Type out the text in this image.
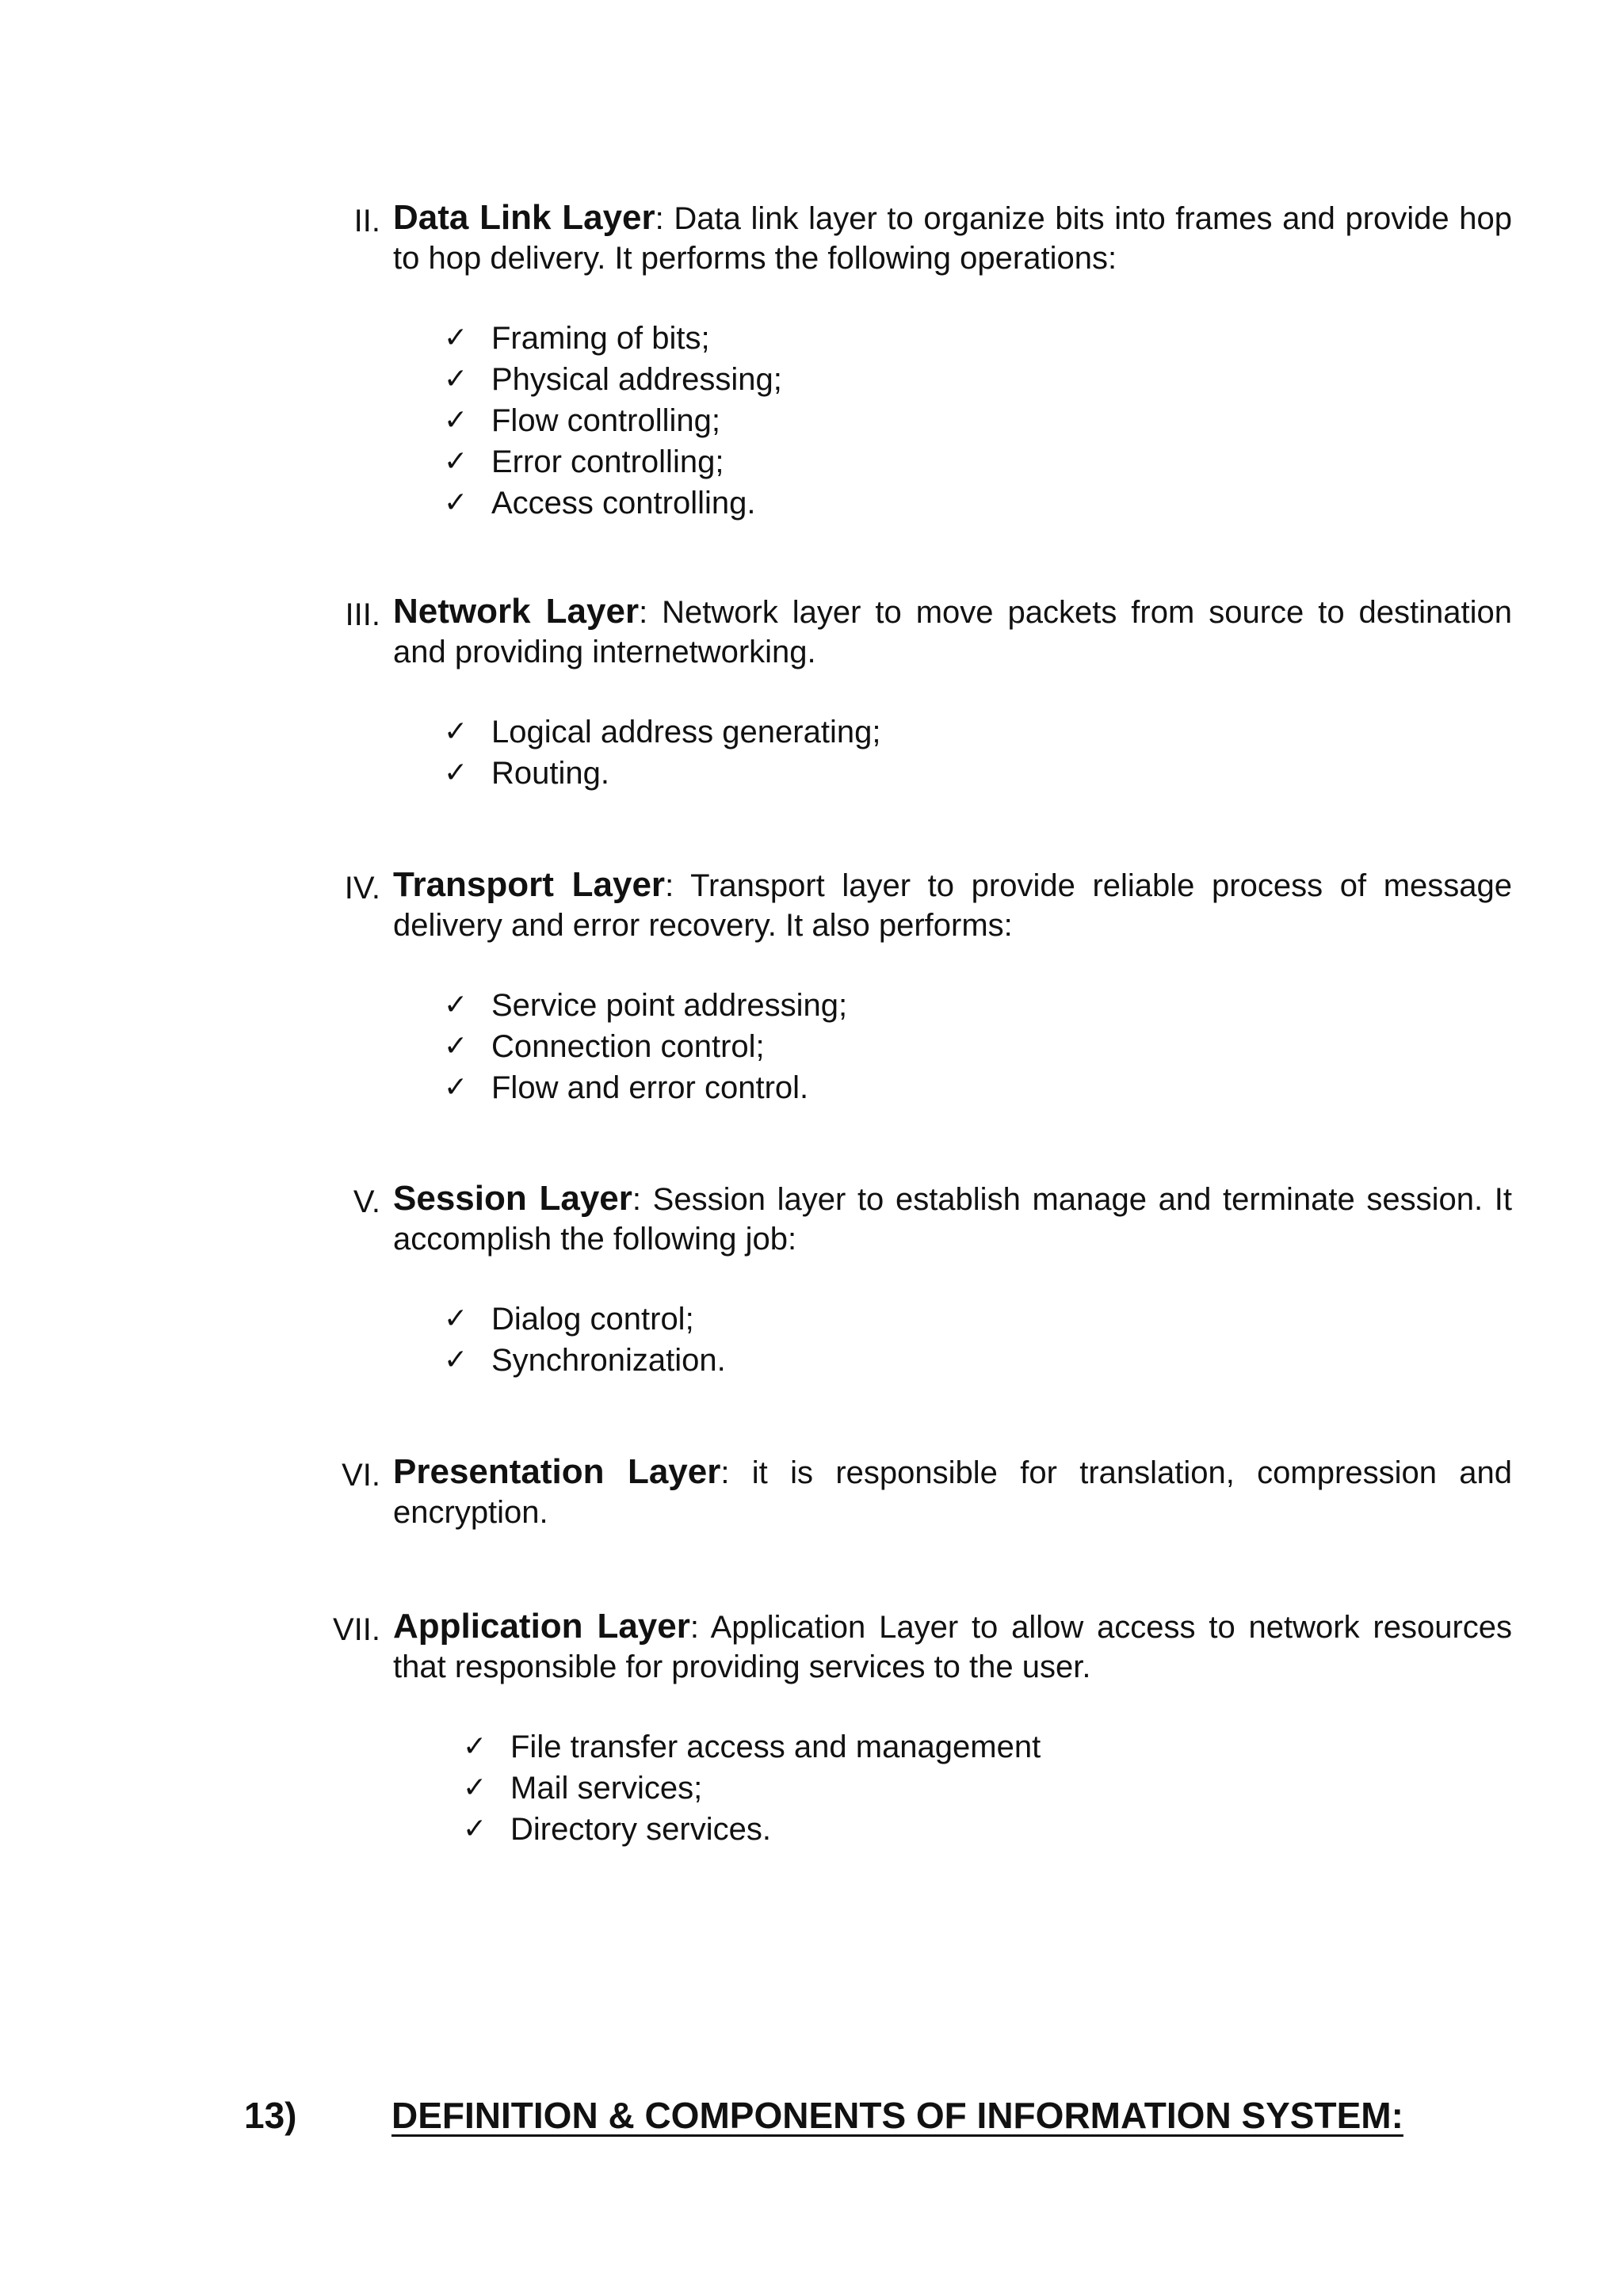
II. Data Link Layer: Data link layer to organize bits into frames and provide hop to hop delivery. It performs the following operations:
✓ Framing of bits;
✓ Physical addressing;
✓ Flow controlling;
✓ Error controlling;
✓ Access controlling.
III. Network Layer: Network layer to move packets from source to destination and providing internetworking.
✓ Logical address generating;
✓ Routing.
IV. Transport Layer: Transport layer to provide reliable process of message delivery and error recovery. It also performs:
✓ Service point addressing;
✓ Connection control;
✓ Flow and error control.
V. Session Layer: Session layer to establish manage and terminate session. It accomplish the following job:
✓ Dialog control;
✓ Synchronization.
VI. Presentation Layer: it is responsible for translation, compression and encryption.
VII. Application Layer: Application Layer to allow access to network resources that responsible for providing services to the user.
✓ File transfer access and management
✓ Mail services;
✓ Directory services.
13)	DEFINITION & COMPONENTS OF INFORMATION SYSTEM:
